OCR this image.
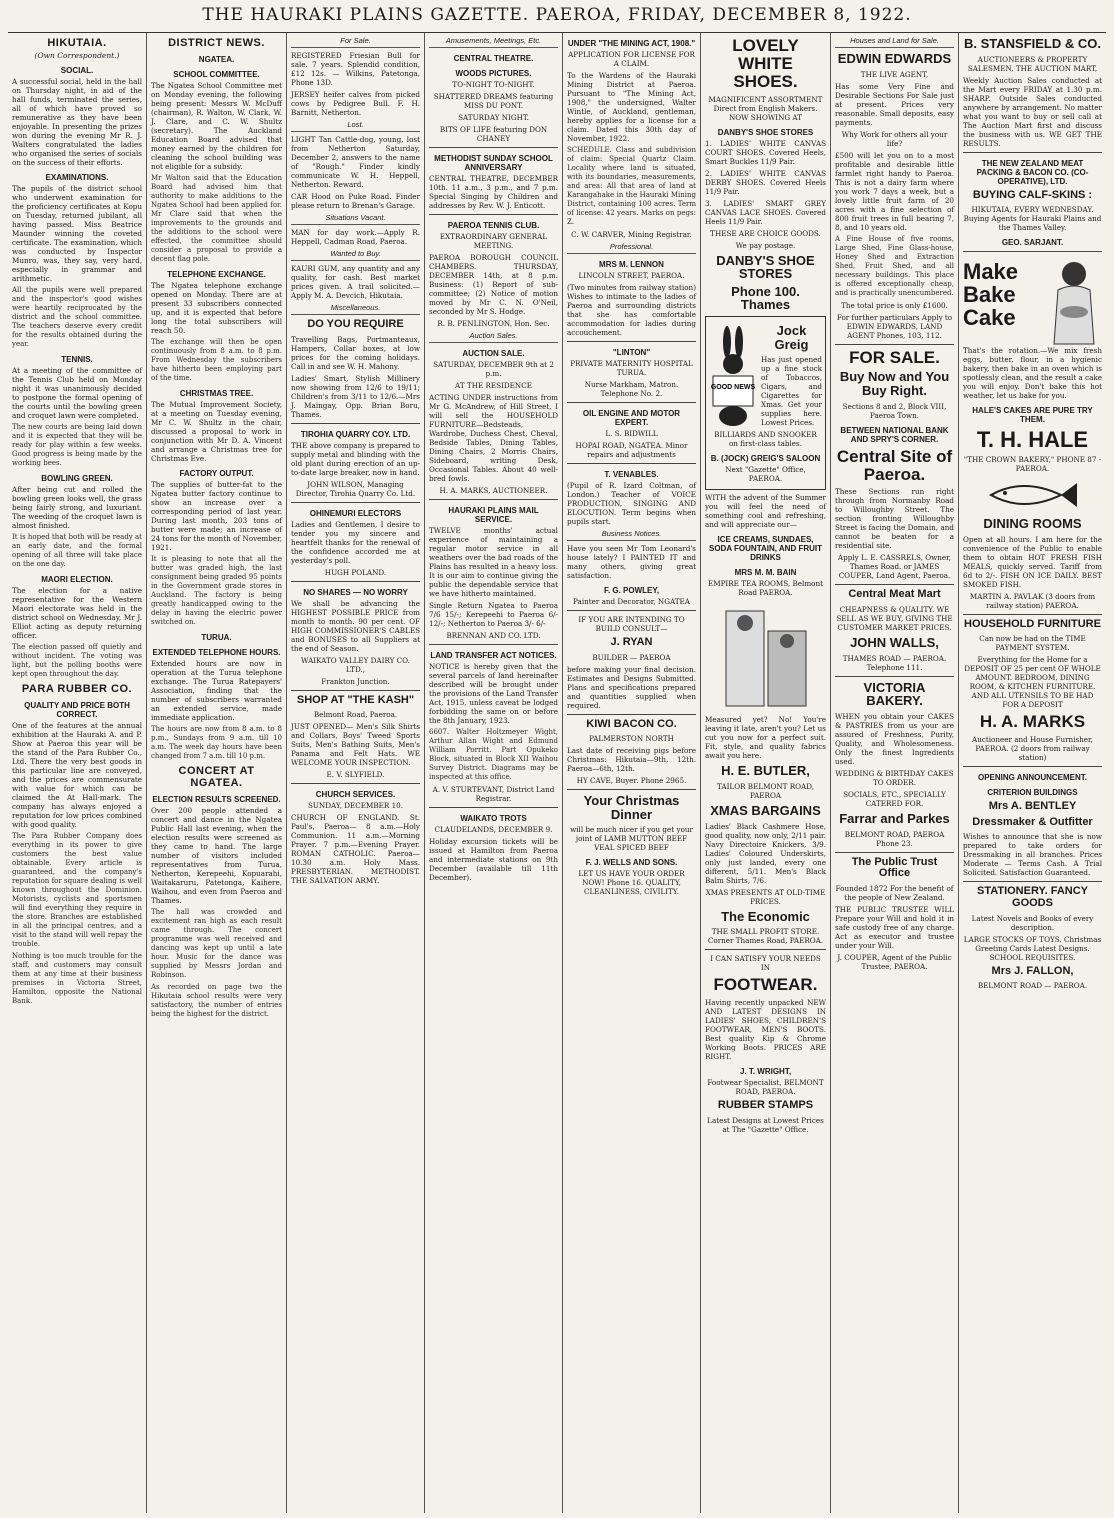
THE HAURAKI PLAINS GAZETTE. PAEROA, FRIDAY, DECEMBER 8, 1922.
HIKUTAIA.
(Own Correspondent.)
SOCIAL.

A successful social, held in the hall on Thursday night, in aid of the hall funds, terminated the series, all of which have proved so remunerative as they have been enjoyable. In presenting the prizes won during the evening Mr R. J. Walters congratulated the ladies who organised the series of socials on the success of their efforts.

EXAMINATIONS.

The pupils of the district school who underwent examination for the proficiency certificates at Kopu on Tuesday, returned jubilant, all having passed. Miss Beatrice Maunder winning the coveted certificate. The examination, which was conducted by Inspector Munro, was, they say, very hard, especially in grammar and arithmetic.

All the pupils were well prepared and the inspector's good wishes were heartily reciprocated by the district and the school committee. The teachers deserve every credit for the results obtained during the year.

TENNIS.

At a meeting of the committee of the Tennis Club held on Monday night it was unanimously decided to postpone the formal opening of the courts until the bowling green and croquet lawn were completed.

The new courts are being laid down and it is expected that they will be ready for play within a few weeks. Good progress is being made by the working bees.

BOWLING GREEN.

After being cut and rolled the bowling green looks well, the grass being fairly strong, and luxuriant. The weeding of the croquet lawn is almost finished.

It is hoped that both will be ready at an early date, and the formal opening of all three will take place on the one day.

MAORI ELECTION.

The election for a native representative for the Western Maori electorate was held in the district school on Wednesday, Mr J. Elliot acting as deputy returning officer.

The election passed off quietly and without incident. The voting was light, but the polling booths were kept open throughout the day.

PARA RUBBER CO.
QUALITY AND PRICE BOTH CORRECT.

One of the features at the annual exhibition at the Hauraki A. and P. Show at Paeroa this year will be the stand of the Para Rubber Co., Ltd. There the very best goods in this particular line are conveyed, and the prices are commensurate with value for which can be claimed the At Hall-mark. The company has always enjoyed a reputation for low prices combined with good quality.

The Para Rubber Company does everything in its power to give customers the best value obtainable. Every article is guaranteed, and the company's reputation for square dealing is well known throughout the Dominion. Motorists, cyclists and sportsmen will find everything they require in the store. Branches are established in all the principal centres, and a visit to the stand will well repay the trouble.

Nothing is too much trouble for the staff, and customers may consult them at any time at their business premises in Victoria Street, Hamilton, opposite the National Bank.

DISTRICT NEWS.
NGATEA.
SCHOOL COMMITTEE.

The Ngatea School Committee met on Monday evening, the following being present: Messrs W. McDuff (chairman), R. Walton, W. Clark, W. J. Clare, and C. W. Shultz (secretary). The Auckland Education Board advised that money earned by the children for cleaning the school building was not eligible for a subsidy.

Mr Walton said that the Education Board had advised him that authority to make additions to the Ngatea School had been applied for. Mr Clare said that when the improvements to the grounds and the additions to the school were effected, the committee should consider a proposal to provide a decent flag pole.

TELEPHONE EXCHANGE.

The Ngatea telephone exchange opened on Monday. There are at present 33 subscribers connected up, and it is expected that before long the total subscribers will reach 50.

The exchange will then be open continuously from 8 a.m. to 8 p.m. From Wednesday the subscribers have hitherto been employing part of the time.

CHRISTMAS TREE.

The Mutual Improvement Society, at a meeting on Tuesday evening, Mr C. W. Shultz in the chair, discussed a proposal to work in conjunction with Mr D. A. Vincent and arrange a Christmas tree for Christmas Eve.

FACTORY OUTPUT.

The supplies of butter-fat to the Ngatea butter factory continue to show an increase over a corresponding period of last year. During last month, 203 tons of butter were made; an increase of 24 tons for the month of November, 1921.

It is pleasing to note that all the butter was graded high, the last consignment being graded 95 points in the Government grade stores in Auckland. The factory is being greatly handicapped owing to the delay in having the electric power switched on.

TURUA.
EXTENDED TELEPHONE HOURS.

Extended hours are now in operation at the Turua telephone exchange. The Turua Ratepayers' Association, finding that the number of subscribers warranted an extended service, made immediate application.

The hours are now from 8 a.m. to 8 p.m., Sundays from 9 a.m. till 10 a.m. The week day hours have been changed from 7 a.m. till 10 p.m.

CONCERT AT NGATEA.
ELECTION RESULTS SCREENED.

Over 200 people attended a concert and dance in the Ngatea Public Hall last evening, when the election results were screened as they came to hand. The large number of visitors included representatives from Turua, Netherton, Kerepeehi, Kopuarahi, Waitakaruru, Patetonga, Kaihere, Waihou, and even from Paeroa and Thames.

The hall was crowded and excitement ran high as each result came through. The concert programme was well received and dancing was kept up until a late hour. Music for the dance was supplied by Messrs Jordan and Robinson.

As recorded on page two the Hikutaia school results were very satisfactory, the number of entries being the highest for the district.

For Sale.

REGISTERED Friesian Bull for sale. 7 years. Splendid condition, £12 12s. — Wilkins, Patetonga, Phone 13D.

JERSEY heifer calves from picked cows by Pedigree Bull. F. H. Barnitt, Netherton.

Lost.

LIGHT Tan Cattle-dog, young, lost from Netherton Saturday, December 2, answers to the name of "Rough." Finder kindly communicate W. H. Heppell, Netherton. Reward.

CAR Hood on Puke Road. Finder please return to Brenan's Garage.

Situations Vacant.

MAN for day work.—Apply R. Heppell, Cadman Road, Paeroa.

Wanted to Buy.

KAURI GUM, any quantity and any quality, for cash. Best market prices given. A trail solicited.—Apply M. A. Devcich, Hikutaia.

Miscellaneous.
DO YOU REQUIRE

Travelling Bags, Portmanteaux, Hampers, Collar boxes, at low prices for the coming holidays. Call in and see W. H. Mahony.

Ladies' Smart, Stylish Millinery now showing from 12/6 to 19/11; Children's from 3/11 to 12/6.—Mrs J. Maingay, Opp. Brian Boru, Thames.

TIROHIA QUARRY COY. LTD.

THE above company is prepared to supply metal and blinding with the old plant during erection of an up-to-date large breaker, now in hand.

JOHN WILSON, Managing Director, Tirohia Quarry Co. Ltd.

OHINEMURI ELECTORS

Ladies and Gentlemen, I desire to tender you my sincere and heartfelt thanks for the renewal of the confidence accorded me at yesterday's poll.

HUGH POLAND.

NO SHARES — NO WORRY

We shall be advancing the HIGHEST POSSIBLE PRICE from month to month. 90 per cent. OF HIGH COMMISSIONER'S CABLES and BONUSES to all Suppliers at the end of Season.

WAIKATO VALLEY DAIRY CO. LTD.,

Frankton Junction.

SHOP AT "THE KASH"

Belmont Road, Paeroa.

JUST OPENED— Men's Silk Shirts and Collars, Boys' Tweed Sports Suits, Men's Bathing Suits, Men's Panama and Felt Hats. WE WELCOME YOUR INSPECTION.

E. V. SLYFIELD.

CHURCH SERVICES.

SUNDAY, DECEMBER 10.

CHURCH OF ENGLAND. St. Paul's, Paeroa— 8 a.m.—Holy Communion. 11 a.m.—Morning Prayer. 7 p.m.—Evening Prayer. ROMAN CATHOLIC. Paeroa— 10.30 a.m. Holy Mass. PRESBYTERIAN. METHODIST. THE SALVATION ARMY.

Amusements, Meetings, Etc.
CENTRAL THEATRE.
WOODS PICTURES.

TO-NIGHT TO-NIGHT.

SHATTERED DREAMS featuring MISS DU PONT.

SATURDAY NIGHT.

BITS OF LIFE featuring DON CHANEY

METHODIST SUNDAY SCHOOL ANNIVERSARY

CENTRAL THEATRE, DECEMBER 10th. 11 a.m., 3 p.m., and 7 p.m. Special Singing by Children and addresses by Rev. W. J. Enticott.

PAEROA TENNIS CLUB.

EXTRAORDINARY GENERAL MEETING.

PAEROA BOROUGH COUNCIL CHAMBERS. THURSDAY, DECEMBER 14th, at 8 p.m. Business: (1) Report of sub-committee; (2) Notice of motion moved by Mr C. N. O'Neil, seconded by Mr S. Hodge.

R. B. PENLINGTON, Hon. Sec.

Auction Sales.
AUCTION SALE.

SATURDAY, DECEMBER 9th at 2 p.m.

AT THE RESIDENCE

ACTING UNDER instructions from Mr G. McAndrew, of Hill Street, I will sell the HOUSEHOLD FURNITURE—Bedsteads, Wardrobe, Duchess Chest, Cheval, Bedside Tables, Dining Tables, Dining Chairs, 2 Morris Chairs, Sideboard, writing Desk, Occasional Tables. About 40 well-bred fowls.

H. A. MARKS, AUCTIONEER.

HAURAKI PLAINS MAIL SERVICE.

TWELVE months' actual experience of maintaining a regular motor service in all weathers over the bad roads of the Plains has resulted in a heavy loss. It is our aim to continue giving the public the dependable service that we have hitherto maintained.

Single Return Ngatea to Paeroa 7/6 15/-; Kerepeehi to Paeroa 6/- 12/-; Netherton to Paeroa 3/- 6/-

BRENNAN AND CO. LTD.

LAND TRANSFER ACT NOTICES.

NOTICE is hereby given that the several parcels of land hereinafter described will be brought under the provisions of the Land Transfer Act, 1915, unless caveat be lodged forbidding the same on or before the 8th January, 1923.

6607. Walter Holtzmeyer Wight, Arthur Allan Wight and Edmund William Porritt. Part Opukeko Block, situated in Block XII Waihou Survey District. Diagrams may be inspected at this office.

A. V. STURTEVANT, District Land Registrar.

WAIKATO TROTS

CLAUDELANDS, DECEMBER 9.

Holiday excursion tickets will be issued at Hamilton from Paeroa and intermediate stations on 9th December (available till 11th December).

UNDER "THE MINING ACT, 1908."

APPLICATION FOR LICENSE FOR A CLAIM.

To the Wardens of the Hauraki Mining District at Paeroa. Pursuant to "The Mining Act, 1908," the undersigned, Walter Wintle, of Auckland, gentleman, hereby applies for a license for a claim. Dated this 30th day of November, 1922.

SCHEDULE. Class and subdivision of claim: Special Quartz Claim. Locality where land is situated, with its boundaries, measurements, and area: All that area of land at Karangahake in the Hauraki Mining District, containing 100 acres. Term of license: 42 years. Marks on pegs: Z.

C. W. CARVER, Mining Registrar.

Professional.
MRS M. LENNON

LINCOLN STREET, PAEROA.

(Two minutes from railway station) Wishes to intimate to the ladies of Paeroa and surrounding districts that she has comfortable accommodation for ladies during accouchement.

"LINTON"

PRIVATE MATERNITY HOSPITAL TURUA.

Nurse Markham, Matron. Telephone No. 2.

OIL ENGINE AND MOTOR EXPERT.

L. S. BIDWILL

HOPAI ROAD, NGATEA. Minor repairs and adjustments

T. VENABLES.

(Pupil of R. Izard Coltman, of London.) Teacher of VOICE PRODUCTION, SINGING AND ELOCUTION. Term begins when pupils start.

Business Notices.

Have you seen Mr Tom Leonard's house lately? I PAINTED IT and many others, giving great satisfaction.

F. G. POWLEY,

Painter and Decorator, NGATEA

IF YOU ARE INTENDING TO BUILD CONSULT—

J. RYAN

BUILDER — PAEROA

before making your final decision. Estimates and Designs Submitted. Plans and specifications prepared and quantities supplied when required.

KIWI BACON CO.

PALMERSTON NORTH

Last date of receiving pigs before Christmas: Hikutaia—9th, 12th. Paeroa—6th, 12th.

HY CAVE, Buyer. Phone 2965.

Your Christmas Dinner

will be much nicer if you get your joint of LAMB MUTTON BEEF VEAL SPICED BEEF

F. J. WELLS AND SONS.

LET US HAVE YOUR ORDER NOW! Phone 16. QUALITY, CLEANLINESS, CIVILITY.

LOVELY WHITE SHOES.

MAGNIFICENT ASSORTMENT Direct from English Makers. NOW SHOWING AT

DANBY'S SHOE STORES

1. LADIES' WHITE CANVAS COURT SHOES. Covered Heels, Smart Buckles 11/9 Pair.

2. LADIES' WHITE CANVAS DERBY SHOES. Covered Heels 11/9 Pair.

3. LADIES' SMART GREY CANVAS LACE SHOES. Covered Heels 11/9 Pair.

THESE ARE CHOICE GOODS.

We pay postage.

DANBY'S SHOE STORES
Phone 100. Thames
GOOD NEWS
Jock Greig

Has just opened up a fine stock of Tobaccos, Cigars, and Cigarettes for Xmas. Get your supplies here. Lowest Prices.

BILLIARDS AND SNOOKER on first-class tables.

B. (JOCK) GREIG'S SALOON

Next "Gazette" Office, PAEROA.

WITH the advent of the Summer you will feel the need of something cool and refreshing, and will appreciate our—

ICE CREAMS, SUNDAES, SODA FOUNTAIN, AND FRUIT DRINKS
MRS M. M. BAIN

EMPIRE TEA ROOMS, Belmont Road PAEROA.

Measured yet? No! You're leaving it late, aren't you? Let us cut you now for a perfect suit. Fit, style, and quality fabrics await you here.

H. E. BUTLER,

TAILOR BELMONT ROAD, PAEROA

XMAS BARGAINS

Ladies' Black Cashmere Hose, good quality, now only, 2/11 pair. Navy Directoire Knickers, 3/9. Ladies' Coloured Underskirts, only just landed, every one different, 5/11. Men's Black Balm Shirts, 7/6.

XMAS PRESENTS AT OLD-TIME PRICES.

The Economic

THE SMALL PROFIT STORE. Corner Thames Road, PAEROA.

I CAN SATISFY YOUR NEEDS IN

FOOTWEAR.

Having recently unpacked NEW AND LATEST DESIGNS IN LADIES' SHOES, CHILDREN'S FOOTWEAR, MEN'S BOOTS. Best quality Kip & Chrome Working Boots. PRICES ARE RIGHT.

J. T. WRIGHT,

Footwear Specialist, BELMONT ROAD, PAEROA.

RUBBER STAMPS

Latest Designs at Lowest Prices at The "Gazette" Office.

Houses and Land for Sale.
EDWIN EDWARDS

THE LIVE AGENT,

Has some Very Fine and Desirable Sections For Sale just at present. Prices very reasonable. Small deposits, easy payments.

Why Work for others all your life?

£500 will let you on to a most profitable and desirable little farmlet right handy to Paeroa. This is not a dairy farm where you work 7 days a week, but a lovely little fruit farm of 20 acres with a fine selection of 800 fruit trees in full bearing 7, 8, and 10 years old.

A Fine House of five rooms, Large Shed, Fine Glass-house, Honey Shed and Extraction Shed, Fruit Shed, and all necessary buildings. This place is offered exceptionally cheap, and is practically unencumbered.

The total price is only £1600.

For further particulars Apply to EDWIN EDWARDS, LAND AGENT Phones, 103, 112.

FOR SALE.
Buy Now and You Buy Right.

Sections 8 and 2, Block VIII, Paeroa Town.

BETWEEN NATIONAL BANK AND SPRY'S CORNER.
Central Site of Paeroa.

These Sections run right through from Normanby Road to Willoughby Street. The section fronting Willoughby Street is facing the Domain, and cannot be beaten for a residential site.

Apply L. E. CASSRELS, Owner, Thames Road. or JAMES COUPER, Land Agent, Paeroa.

Central Meat Mart

CHEAPNESS & QUALITY. WE SELL AS WE BUY, GIVING THE CUSTOMER MARKET PRICES.

JOHN WALLS,

THAMES ROAD — PAEROA. Telephone 111.

VICTORIA BAKERY.

WHEN you obtain your CAKES & PASTRIES from us your are assured of Freshness, Purity, Quality, and Wholesomeness. Only the finest Ingredients used.

WEDDING & BIRTHDAY CAKES TO ORDER.

SOCIALS, ETC., SPECIALLY CATERED FOR.

Farrar and Parkes

BELMONT ROAD, PAEROA Phone 23.

The Public Trust Office

Founded 1872 For the benefit of the people of New Zealand.

THE PUBLIC TRUSTEE WILL Prepare your Will and hold it in safe custody free of any charge. Act as executor and trustee under your Will.

J. COUPER, Agent of the Public Trustee, PAEROA.

B. STANSFIELD & CO.

AUCTIONEERS & PROPERTY SALESMEN, THE AUCTION MART,

Weekly Auction Sales conducted at the Mart every FRIDAY at 1.30 p.m. SHARP. Outside Sales conducted anywhere by arrangement. No matter what you want to buy or sell call at The Auction Mart first and discuss the business with us. WE GET THE RESULTS.

THE NEW ZEALAND MEAT PACKING & BACON CO. (CO-OPERATIVE), LTD.
BUYING CALF-SKINS :

HIKUTAIA, EVERY WEDNESDAY. Buying Agents for Hauraki Plains and the Thames Valley.

GEO. SARJANT.
Make Bake Cake

That's the rotation.—We mix fresh eggs, butter, flour, in a hygienic bakery, then bake in an oven which is spotlessly clean, and the result a cake you will enjoy. Don't bake this hot weather, let us bake for you.

HALE'S CAKES ARE PURE TRY THEM.
T. H. HALE

"THE CROWN BAKERY," PHONE 87 - PAEROA.

DINING ROOMS

Open at all hours. I am here for the convenience of the Public to enable them to obtain HOT FRESH FISH MEALS, quickly served. Tariff from 6d to 2/-. FISH ON ICE DAILY. BEST SMOKED FISH.

MARTIN A. PAVLAK (3 doors from railway station) PAEROA.

HOUSEHOLD FURNITURE

Can now be had on the TIME PAYMENT SYSTEM.

Everything for the Home for a DEPOSIT OF 25 per cent OF WHOLE AMOUNT. BEDROOM, DINING ROOM, & KITCHEN FURNITURE. AND ALL UTENSILS TO BE HAD FOR A DEPOSIT

H. A. MARKS

Auctioneer and House Furnisher, PAEROA. (2 doors from railway station)

OPENING ANNOUNCEMENT.
CRITERION BUILDINGS
Mrs A. BENTLEY
Dressmaker & Outfitter

Wishes to announce that she is now prepared to take orders for Dressmaking in all branches. Prices Moderate — Terms Cash. A Trial Solicited. Satisfaction Guaranteed.

STATIONERY. FANCY GOODS

Latest Novels and Books of every description.

LARGE STOCKS OF TOYS. Christmas Greeting Cards Latest Designs. SCHOOL REQUISITES.

Mrs J. FALLON,

BELMONT ROAD — PAEROA.
